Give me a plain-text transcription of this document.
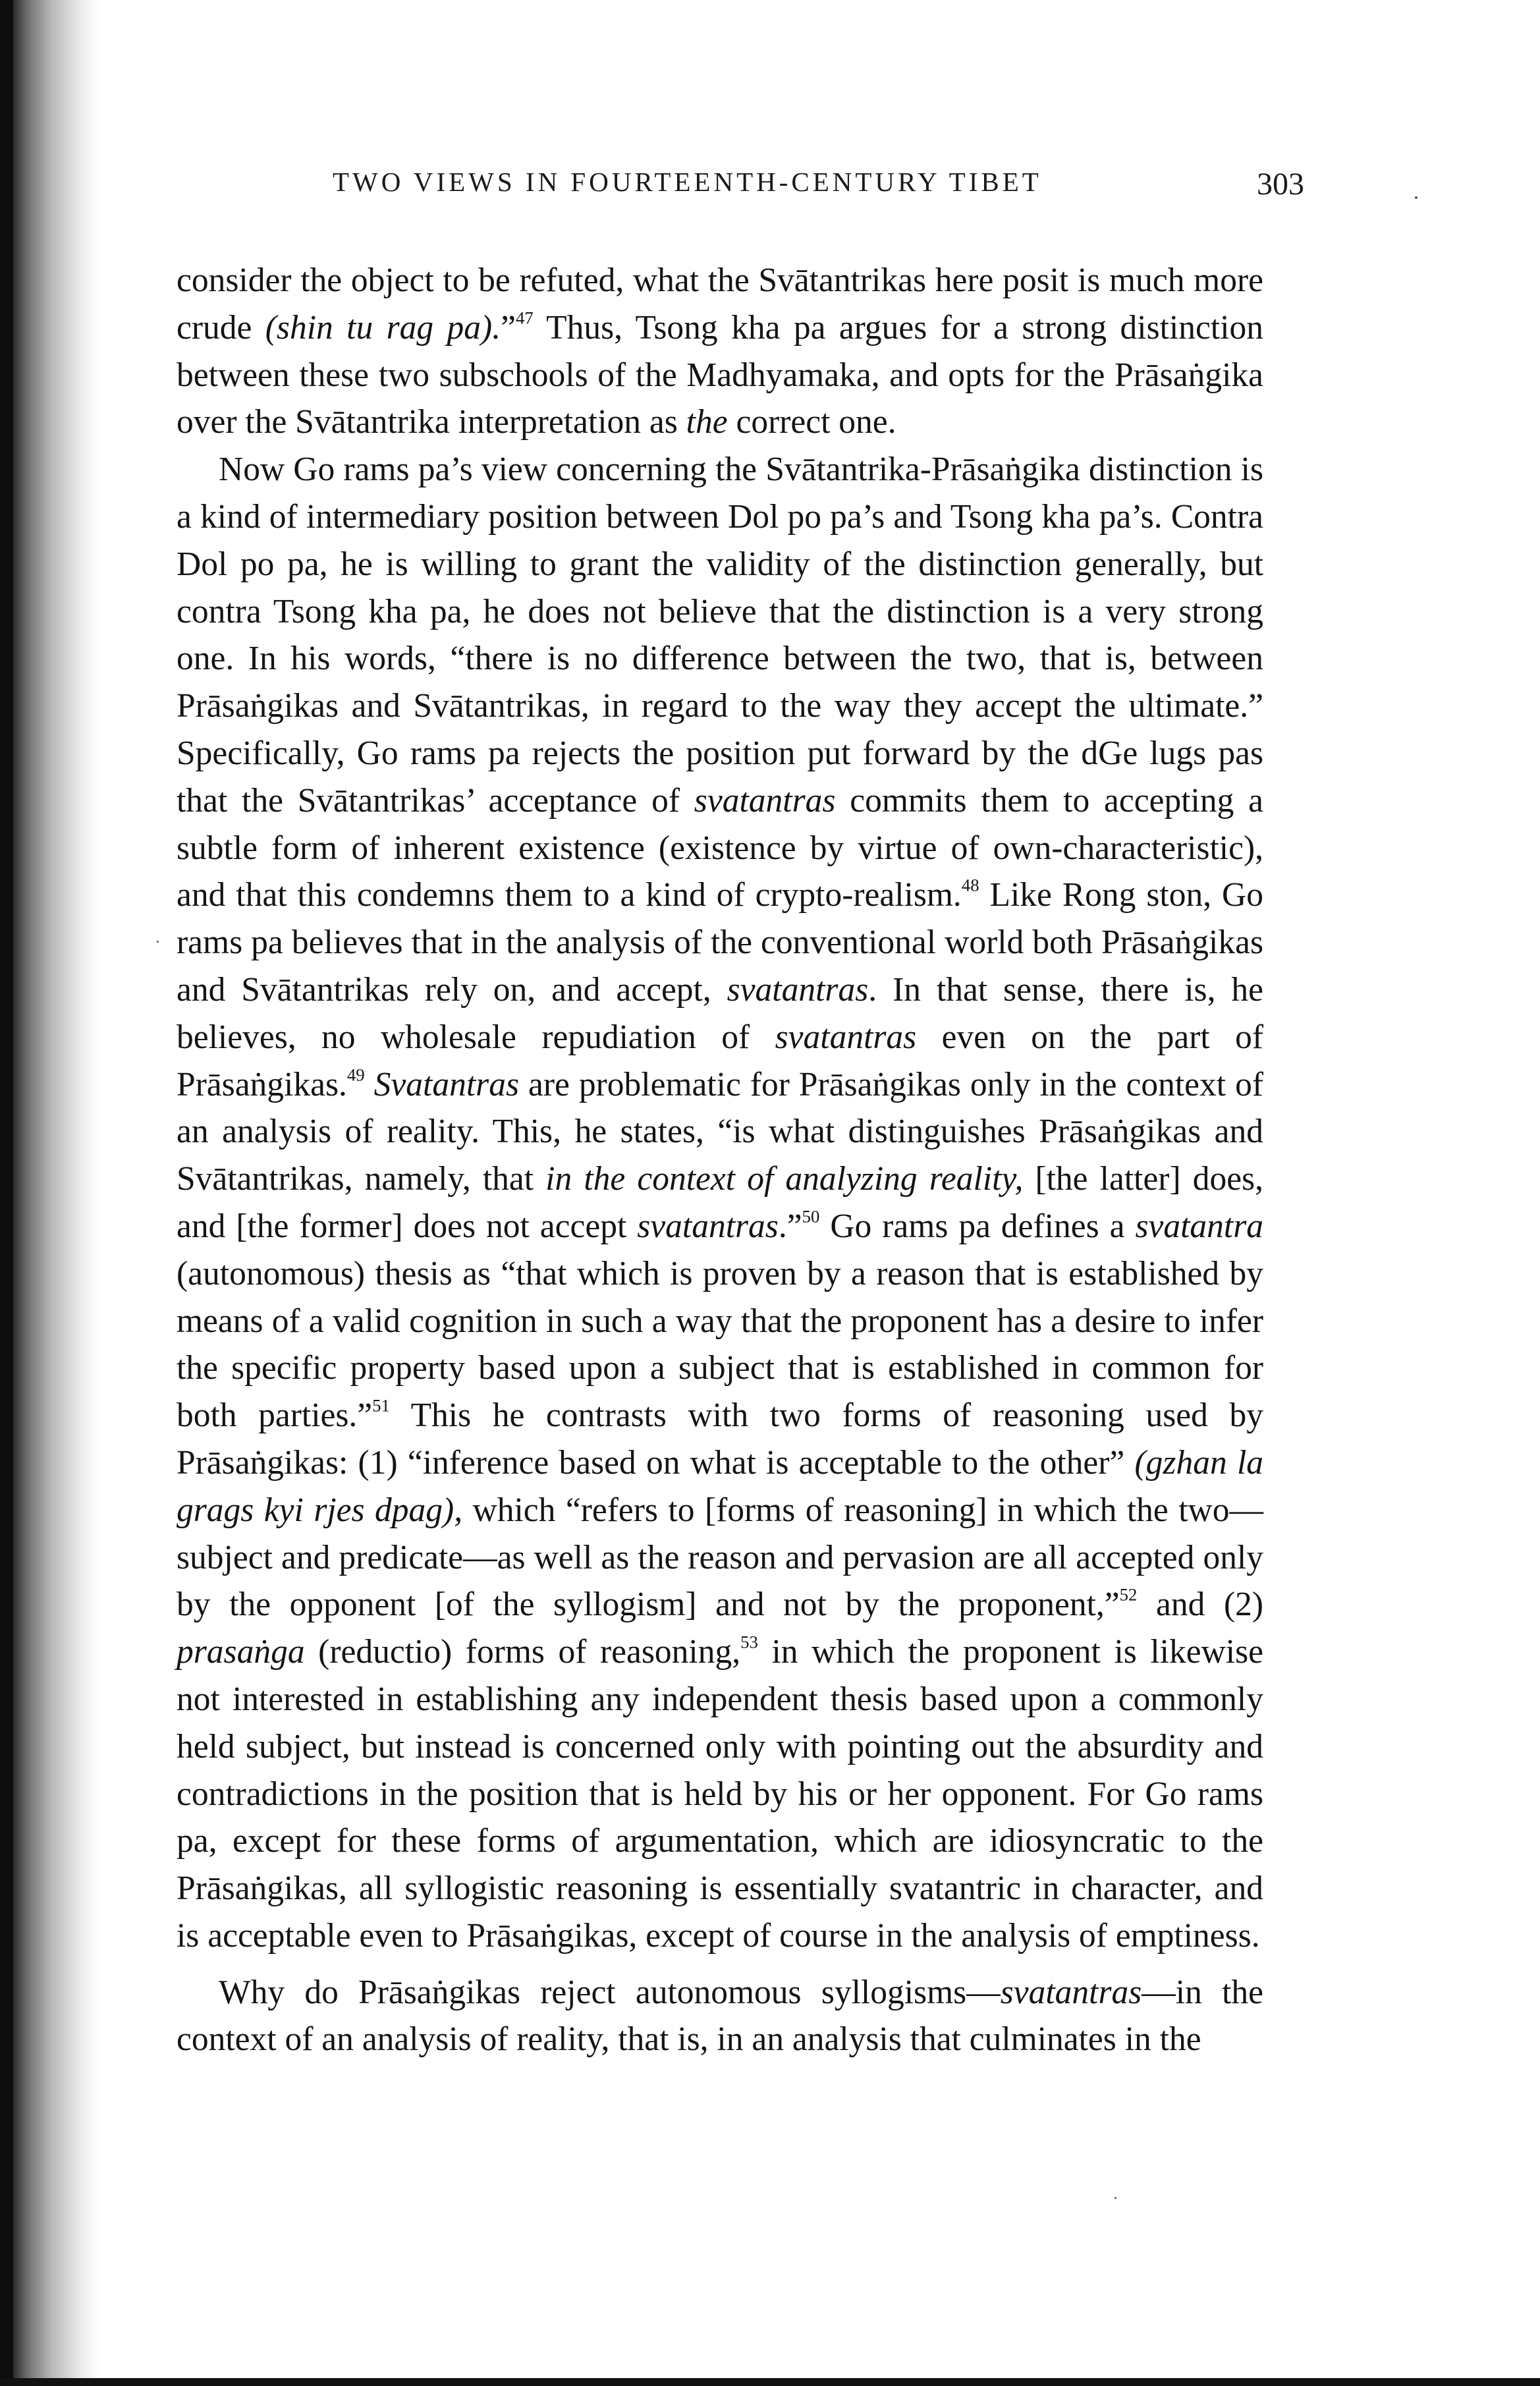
TWO VIEWS IN FOURTEENTH-CENTURY TIBET	303

consider the object to be refuted, what the Svātantrikas here posit is much more crude (shin tu rag pa).”$^{47}$ Thus, Tsong kha pa argues for a strong distinction between these two subschools of the Madhyamaka, and opts for the Prāsaṅgika over the Svātantrika interpretation as the correct one.

Now Go rams pa’s view concerning the Svātantrika-Prāsaṅgika distinction is a kind of intermediary position between Dol po pa’s and Tsong kha pa’s. Contra Dol po pa, he is willing to grant the validity of the distinction generally, but contra Tsong kha pa, he does not believe that the distinction is a very strong one. In his words, “there is no difference between the two, that is, between Prāsaṅgikas and Svātantrikas, in regard to the way they accept the ultimate.” Specifically, Go rams pa rejects the position put forward by the dGe lugs pas that the Svātantrikas’ acceptance of svatantras commits them to accepting a subtle form of inherent existence (existence by virtue of own-characteristic), and that this condemns them to a kind of crypto-realism.$^{48}$ Like Rong ston, Go rams pa believes that in the analysis of the conventional world both Prāsaṅgikas and Svātantrikas rely on, and accept, svatantras. In that sense, there is, he believes, no wholesale repudiation of svatantras even on the part of Prāsaṅgikas.$^{49}$ Svatantras are problematic for Prāsaṅgikas only in the context of an analysis of reality. This, he states, “is what distinguishes Prāsaṅgikas and Svātantrikas, namely, that in the context of analyzing reality, [the latter] does, and [the former] does not accept svatantras.”$^{50}$ Go rams pa defines a svatantra (autonomous) thesis as “that which is proven by a reason that is established by means of a valid cognition in such a way that the proponent has a desire to infer the specific property based upon a subject that is established in common for both parties.”$^{51}$ This he contrasts with two forms of reasoning used by Prāsaṅgikas: (1) “inference based on what is acceptable to the other” (gzhan la grags kyi rjes dpag), which “refers to [forms of reasoning] in which the two—subject and predicate—as well as the reason and pervasion are all accepted only by the opponent [of the syllogism] and not by the proponent,”$^{52}$ and (2) prasaṅga (reductio) forms of reasoning,$^{53}$ in which the proponent is likewise not interested in establishing any independent thesis based upon a commonly held subject, but instead is concerned only with pointing out the absurdity and contradictions in the position that is held by his or her opponent. For Go rams pa, except for these forms of argumentation, which are idiosyncratic to the Prāsaṅgikas, all syllogistic reasoning is essentially svatantric in character, and is acceptable even to Prāsaṅgikas, except of course in the analysis of emptiness.

Why do Prāsaṅgikas reject autonomous syllogisms—svatantras—in the context of an analysis of reality, that is, in an analysis that culminates in the
